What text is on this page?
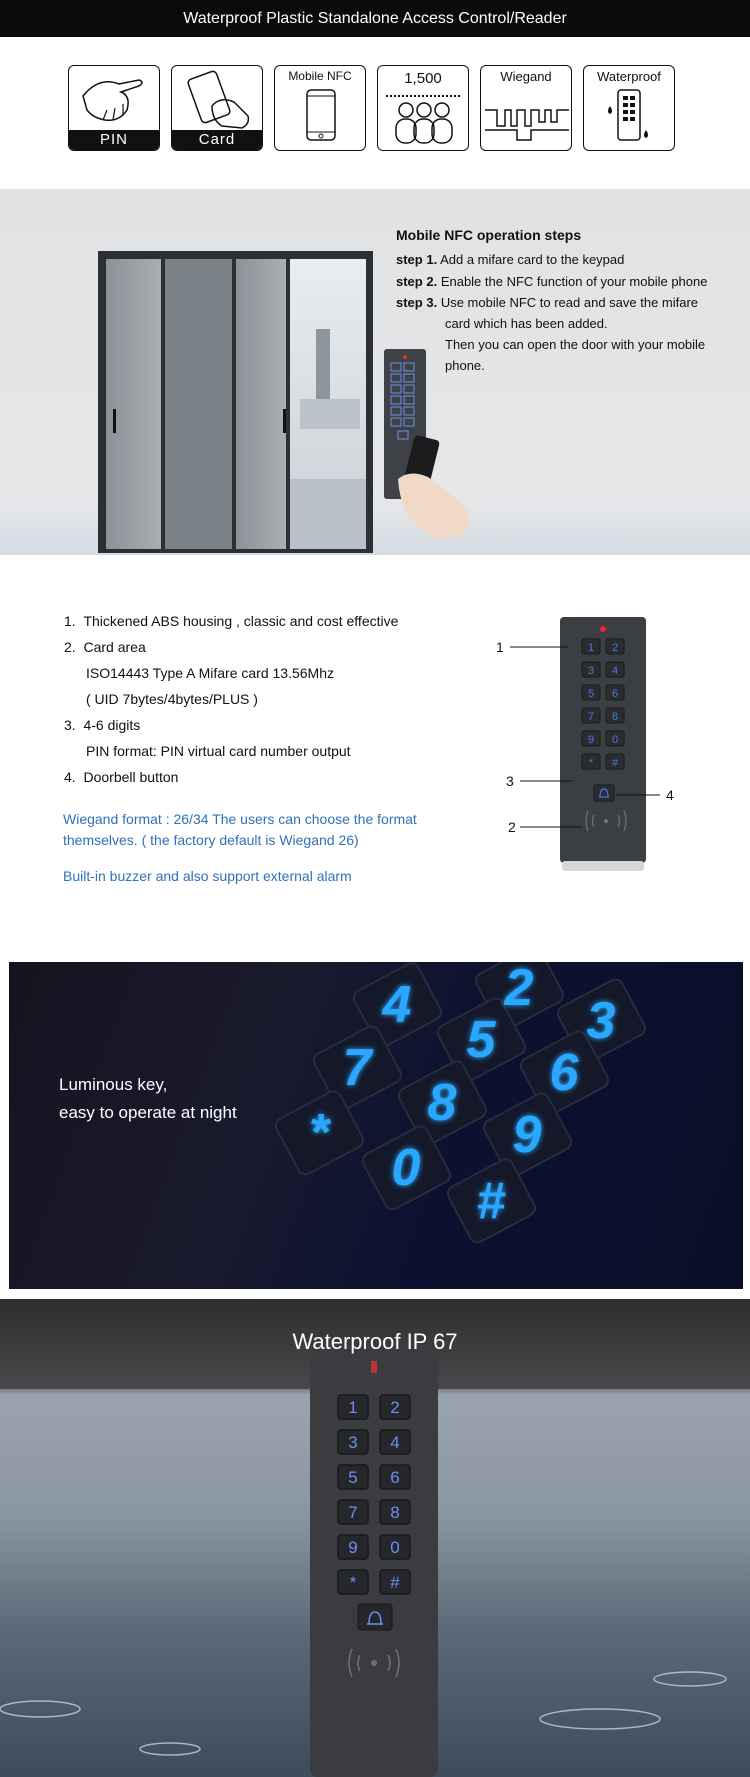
Waterproof Plastic Standalone Access Control/Reader
PIN	Card
Mobile NFC	1,500	Wiegand	Waterproof
Mobile NFC operation steps
step 1. Add a mifare card to the keypad
step 2. Enable the NFC function of your mobile phone
step 3. Use mobile NFC to read and save the mifare
card which has been added.
Then you can open the door with your mobile
phone.
1. Thickened ABS housing , classic and cost effective
2. Card area
ISO14443 Type A Mifare card 13.56Mhz
( UID 7bytes/4bytes/PLUS )
3. 4-6 digits
PIN format: PIN virtual card number output
4. Doorbell button
Wiegand format : 26/34 The users can choose the format
themselves. ( the factory default is Wiegand 26)
Built-in buzzer and also support external alarm
1 2
3 4
5 6
7 8
9 0
* #
1
2
3
4
2
3
4
5
6
7
8
9
*
0
#
Luminous key,
easy to operate at night
1 2
3 4
5 6
7 8
9 0
* #
Waterproof IP 67
